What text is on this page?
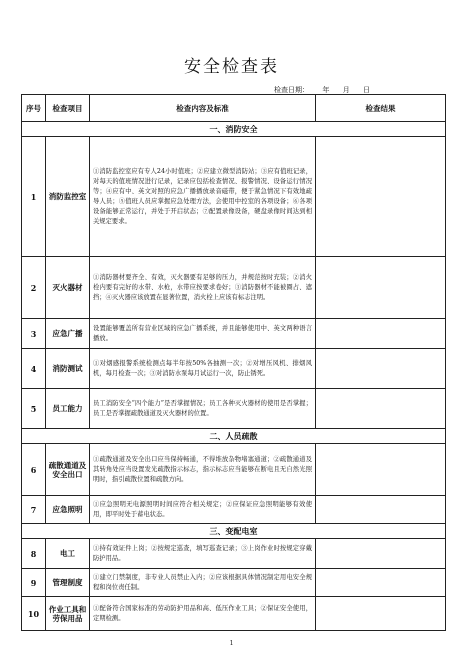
安全检查表
检查日期：      年      月      日
序号	检查项目	检查内容及标准	检查结果
一、消防安全			
1	消防监控室	①消防监控室应有专人24小时值班；②应建立微型消防站；③应有值班记录，对每天的值班情况进行记录，记录应包括检查情况、报警情况、设备运行情况等；④应有中、英文对照的应急广播播放录音磁带，便于紧急情况下有效地疏导人员；⑤值班人员应掌握应急处理方法，会使用中控室的各项设备；⑥各项设备能够正常运行，并处于开启状态；⑦配置录像设备，硬盘录像时间达到相关规定要求。	
2	灭火器材	①消防器材要齐全、有效，灭火器要有足够的压力，并规范按时充装；②消火栓内要有完好的水带、水枪，水带应按要求卷好；③消防器材不能被圈占、遮挡；④灭火器应该放置在显著位置，消火栓上应该有标志注明。	
3	应急广播	设置能够覆盖所有营业区域的应急广播系统，并且能够使用中、英文两种语言播放。	
4	消防测试	①对烟感报警系统检测点每半年按50%各抽测一次；②对增压风机、排烟风机，每月检查一次；③对消防水泵每月试运行一次，防止锈死。	
5	员工能力	员工消防安全“四个能力”是否掌握情况；员工各种灭火器材的使用是否掌握；员工是否掌握疏散通道及灭火器材的位置。	
二、人员疏散			
6	疏散通道及安全出口	①疏散通道及安全出口应当保持畅通，不得堆放杂物堵塞通道；②疏散通道及其转角处应当设置发光疏散指示标志，指示标志应当能够在断电且无自然光照明时，指引疏散位置和疏散方向。	
7	应急照明	①应急照明无电源照明时间应符合相关规定；②应保证应急照明能够有效使用，即平时处于蓄电状态。	
三、变配电室			
8	电工	①持有效证件上岗；②按规定巡查，填写巡查记录；③上岗作业时按规定穿戴防护用品。	
9	管理制度	①建立门禁制度，非专业人员禁止入内；②应该根据具体情况制定用电安全规程和岗位责任制。	
10	作业工具和劳保用品	①配备符合国家标准的劳动防护用品和高、低压作业工具；②保证安全使用，定期检测。	
1
